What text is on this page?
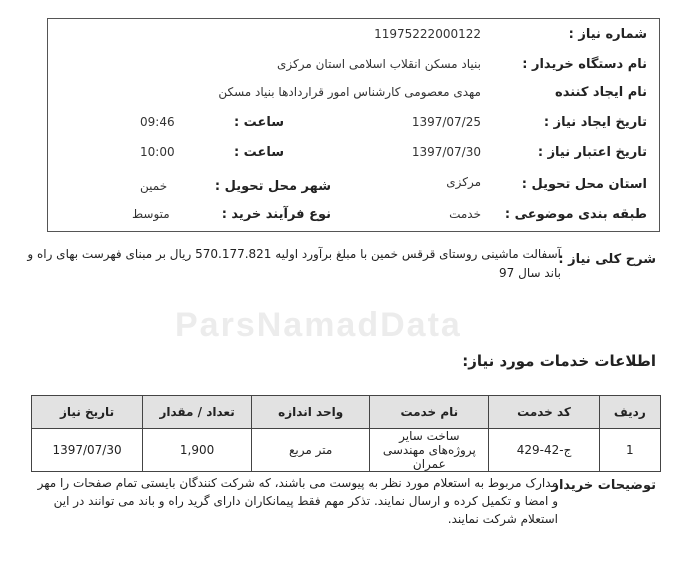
ParsNamadData
شماره نیاز :
11975222000122
نام دستگاه خریدار :
بنیاد مسکن انقلاب اسلامی استان مرکزی
نام ایجاد کننده
مهدی معصومی کارشناس امور قراردادها بنیاد مسکن
تاریخ ایجاد نیاز :
1397/07/25
ساعت :
09:46
تاریخ اعتبار نیاز :
1397/07/30
ساعت :
10:00
استان محل تحویل :
مرکزی
شهر محل تحویل :
خمین
طبقه بندی موضوعی :
خدمت
نوع فرآیند خرید :
متوسط
شرح کلی نیاز :
آسفالت ماشینی روستای قرقس خمین با مبلغ برآورد اولیه 570.177.821 ریال بر مبنای فهرست بهای راه و باند سال 97
اطلاعات خدمات مورد نیاز:
ردیف	کد خدمت	نام خدمت	واحد اندازه	تعداد / مقدار	تاریخ نیاز
1	ج-42-429	ساخت سایر پروژه‌های مهندسی عمران	متر مربع	1,900	1397/07/30
توضیحات خریدار
مدارک مربوط به استعلام مورد نظر به پیوست می باشند، که شرکت کنندگان بایستی تمام صفحات را مهر و امضا و تکمیل کرده و ارسال نمایند. تذکر مهم فقط پیمانکاران دارای گرید راه و باند می توانند در این استعلام شرکت نمایند.
